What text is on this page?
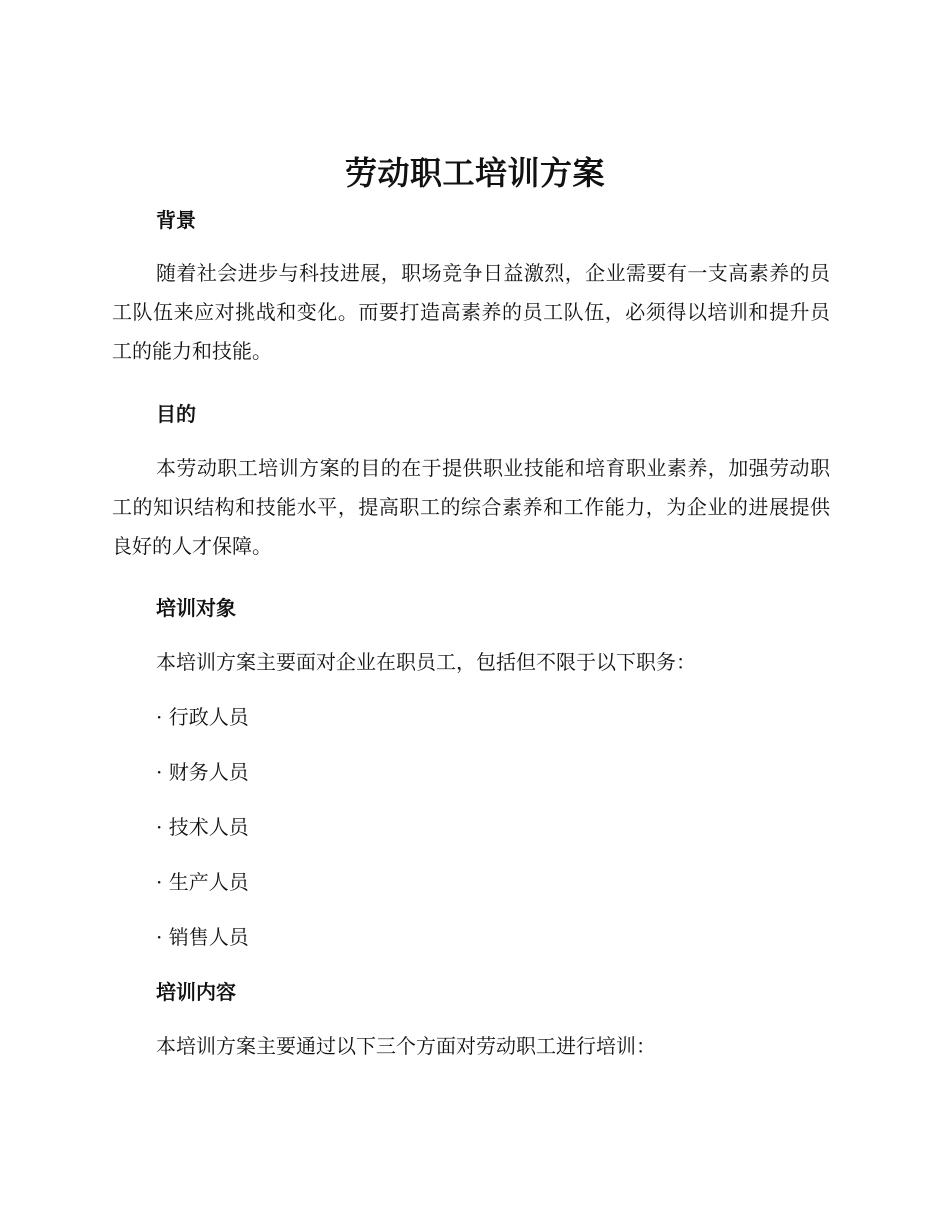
劳动职工培训方案
背景
随着社会进步与科技进展，职场竞争日益激烈，企业需要有一支高素养的员工队伍来应对挑战和变化。而要打造高素养的员工队伍，必须得以培训和提升员工的能力和技能。
目的
本劳动职工培训方案的目的在于提供职业技能和培育职业素养，加强劳动职工的知识结构和技能水平，提高职工的综合素养和工作能力，为企业的进展提供良好的人才保障。
培训对象
本培训方案主要面对企业在职员工，包括但不限于以下职务：
· 行政人员
· 财务人员
· 技术人员
· 生产人员
· 销售人员
培训内容
本培训方案主要通过以下三个方面对劳动职工进行培训：
